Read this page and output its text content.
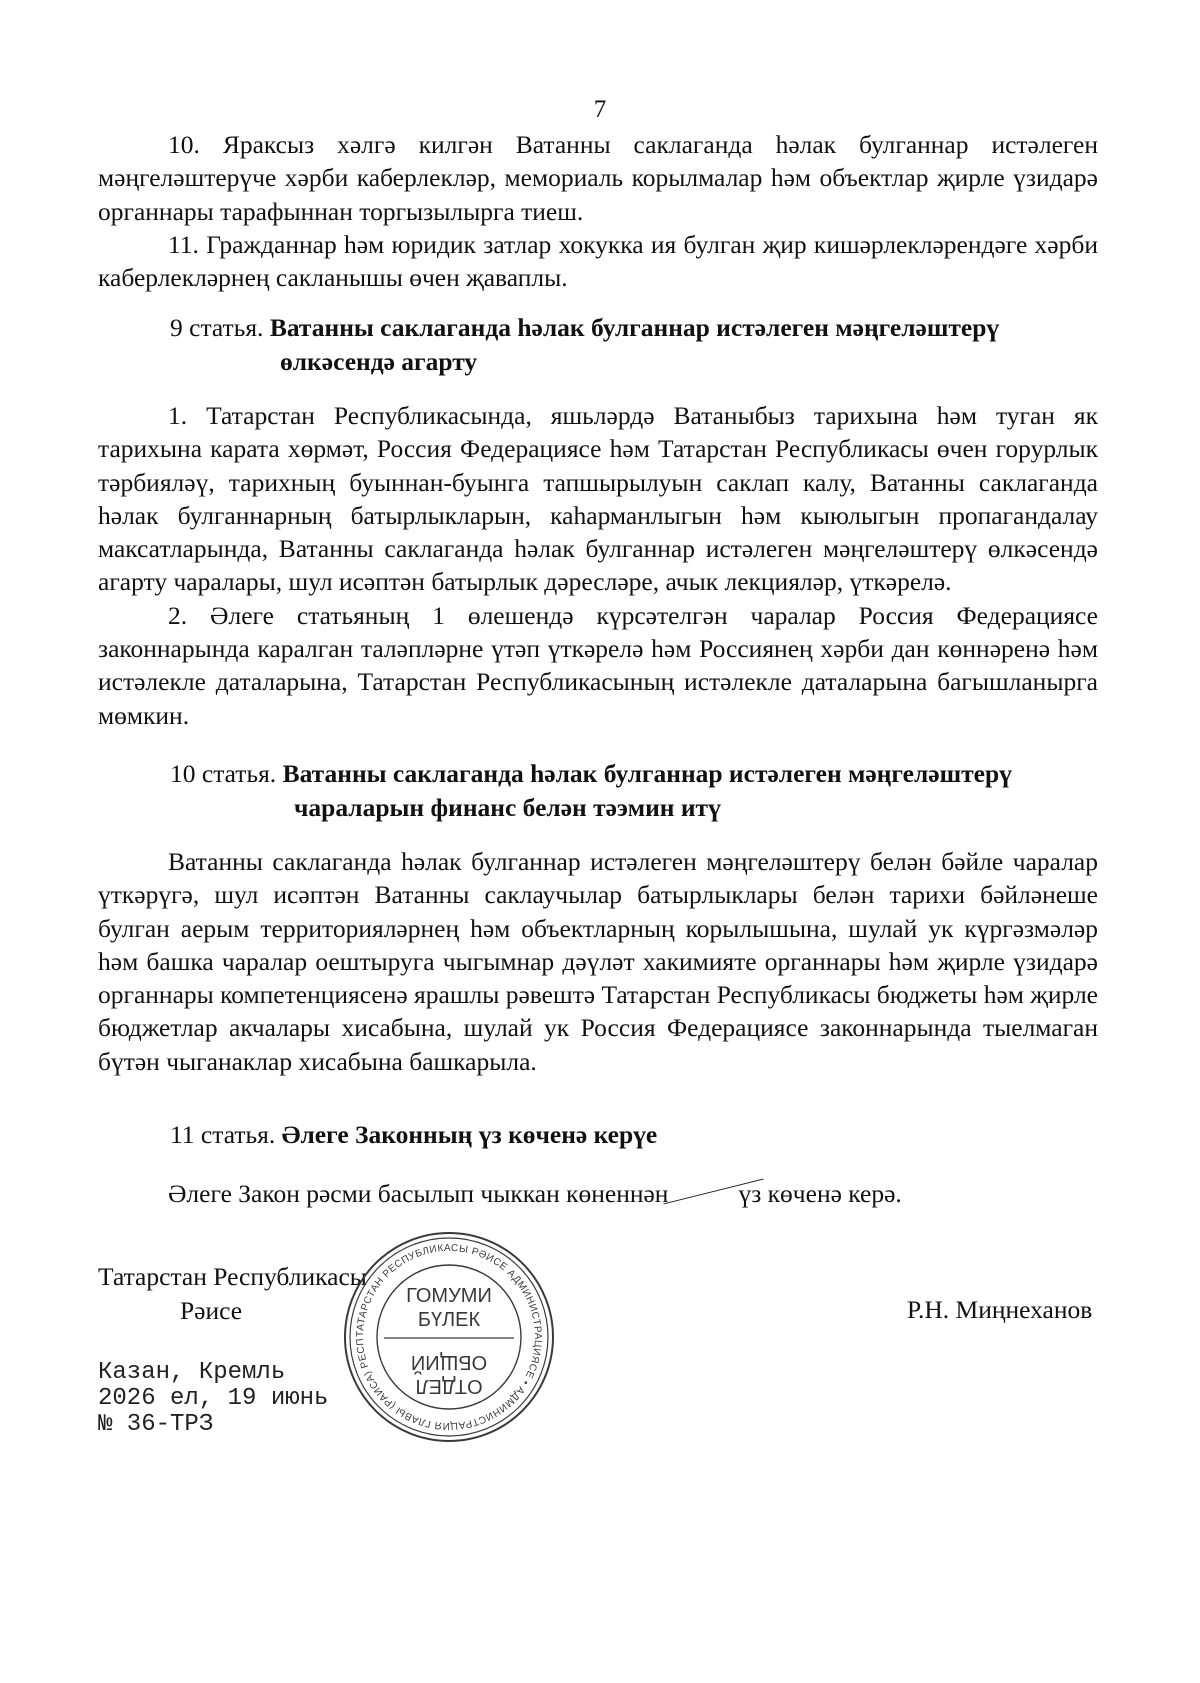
7

10. Яраксыз хәлгә килгән Ватанны саклаганда һәлак булганнар истәлеген мәңгеләштерүче хәрби каберлекләр, мемориаль корылмалар һәм объектлар җирле үзидарә органнары тарафыннан торгызылырга тиеш.

11. Гражданнар һәм юридик затлар хокукка ия булган җир кишәрлекләрендәге хәрби каберлекләрнең сакланышы өчен җаваплы.

9 статья. Ватанны саклаганда һәлак булганнар истәлеген мәңгеләштерү
өлкәсендә агарту

1. Татарстан Республикасында, яшьләрдә Ватаныбыз тарихына һәм туган як тарихына карата хөрмәт, Россия Федерациясе һәм Татарстан Республикасы өчен горурлык тәрбияләү, тарихның буыннан-буынга тапшырылуын саклап калу, Ватанны саклаганда һәлак булганнарның батырлыкларын, каһарманлыгын һәм кыюлыгын пропагандалау максатларында, Ватанны саклаганда һәлак булганнар истәлеген мәңгеләштерү өлкәсендә агарту чаралары, шул исәптән батырлык дәресләре, ачык лекцияләр, үткәрелә.

2. Әлеге статьяның 1 өлешендә күрсәтелгән чаралар Россия Федерациясе законнарында каралган таләпләрне үтәп үткәрелә һәм Россиянең хәрби дан көннәренә һәм истәлекле даталарына, Татарстан Республикасының истәлекле даталарына багышланырга мөмкин.

10 статья. Ватанны саклаганда һәлак булганнар истәлеген мәңгеләштерү
чараларын финанс белән тәэмин итү

Ватанны саклаганда һәлак булганнар истәлеген мәңгеләштерү белән бәйле чаралар үткәрүгә, шул исәптән Ватанны саклаучылар батырлыклары белән тарихи бәйләнеше булган аерым территорияләрнең һәм объектларның корылышына, шулай ук күргәзмәләр һәм башка чаралар оештыруга чыгымнар дәүләт хакимияте органнары һәм җирле үзидарә органнары компетенциясенә ярашлы рәвештә Татарстан Республикасы бюджеты һәм җирле бюджетлар акчалары хисабына, шулай ук Россия Федерациясе законнарында тыелмаган бүтән чыганаклар хисабына башкарыла.

11 статья. Әлеге Законның үз көченә керүе

Әлеге Закон рәсми басылып чыккан көненнән	үз көченә керә.

Татарстан Республикасы
Рәисе	Р.Н. Миңнеханов
Казан, Кремль
2026 ел, 19 июнь
№ 36-ТРЗ
ТАТАРСТАН РЕСПУБЛИКАСЫ РӘИСЕ АДМИНИСТРАЦИЯСЕ • АДМИНИСТРАЦИЯ ГЛАВЫ (РАИСА) РЕСП
ГОМУМИ
БҮЛЕК
ОТДЕЛ
ОБЩИЙ
